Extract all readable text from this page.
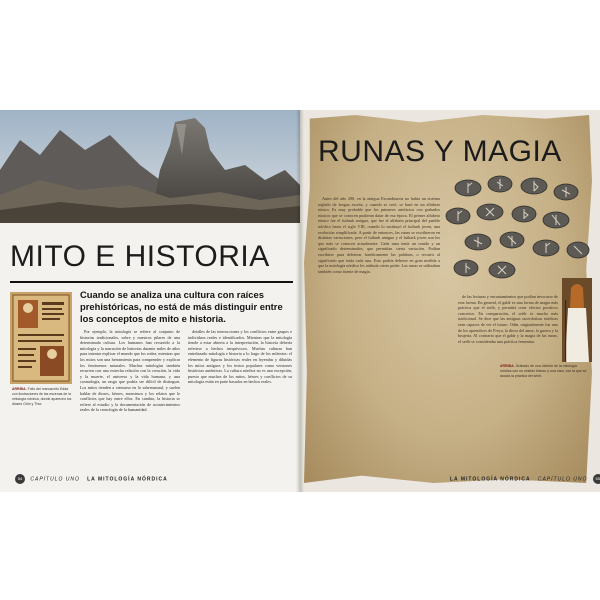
MITO E HISTORIA
ARRIBA. Folio del manuscrito Edda con ilustraciones de las escenas de la mitología nórdica, donde aparecen los dioses Odín y Thor.
Cuando se analiza una cultura con raíces prehistóricas, no está de más distinguir entre los conceptos de mito e historia.

Por ejemplo, la mitología se refiere al conjunto de historias tradicionales, sobre y nuestros pilares de una determinada cultura. Los humanos han recurrido a la mitología y la narración de historias durante miles de años para intentar explicar el mundo que los rodea, mientras que los mitos son una herramienta para comprender y explicar los fenómenos naturales. Muchas mitologías también recurren con una estrecha relación con la creación, la vida y la muerte, el universo y la vida humana, y una cosmología, un rasgo que podría ser difícil de distinguir. Los mitos tienden a centrarse en lo sobrenatural, y suelen hablar de dioses, héroes, monstruos y los relatos que le conflictos que hay entre ellos. En cambio, la historia se refiere al estudio y la documentación de acontecimientos reales de la cronología de la humanidad.

detalles de las interacciones y los conflictos entre grupos e individuos reales e identificados. Mientras que la mitología tiende a estar abierta a la interpretación, la historia debería referirse a hechos inequívocos. Muchas culturas han entrelazado mitología e historia a lo largo de los milenios: el elemento de figuras históricas reales en leyendas y diluidas los mitos antiguos y los textos populares como versiones históricas auténticas. La cultura nórdica no es una excepción, puesto que muchos de los mitos, héroes y conflictos de su mitología están en parte basados en hechos reales.

54 CAPÍTULO UNO LA MITOLOGÍA NÓRDICA
RUNAS Y MAGIA

Antes del año 200, en la antigua Escandinavia no había un sistema reglado de lengua escrita, y cuando se creó, se basó en un alfabeto rúnico. Es muy probable que los primeros artefactos con grabados rúnicos que se conocen pudieran datar de esa época. El primer alfabeto rúnico fue el futhark antiguo, que fue el alfabeto principal del pueblo nórdico hasta el siglo VIII, cuando lo sustituyó el futhark joven, una evolución simplificada. A partir de entonces, las runas se escribieron en distintas variaciones, pero el futhark antiguo y el futhark joven son los que más se conocen actualmente. Cada runa tenía un sonido y un significado determinados, que permitían cierta variación. Podían escribirse para deletrear fonéticamente las palabras, o recurrir al significado que tenía cada una. Esto podría deberse en gran medida a que la mitología nórdica les atribuía cierto poder. Las runas se utilizaban también como fuente de magia.

de las lecturas y encantamientos que podían invocarse de esta forma. En general, el galdr es una forma de magia más práctica que el seiðr, y permitía crear efectos positivos concretos. En comparación, el seiðr es mucho más tradicional. Se dice que las antiguas sacerdotisas nórdicas eran capaces de ver el futuro. Odín, originalmente fue uno de los aprendices de Freya, la diosa del amor, la guerra y la brujería. Al contrario que el galdr y la magia de las runas, el seiðr se consideraba una práctica femenina.

ARRIBA. Grabado de una vidente de la mitología nórdica con un vestido blanco y una vara, con la que se asocia la práctica del seiðr.
LA MITOLOGÍA NÓRDICA CAPÍTULO UNO 55
